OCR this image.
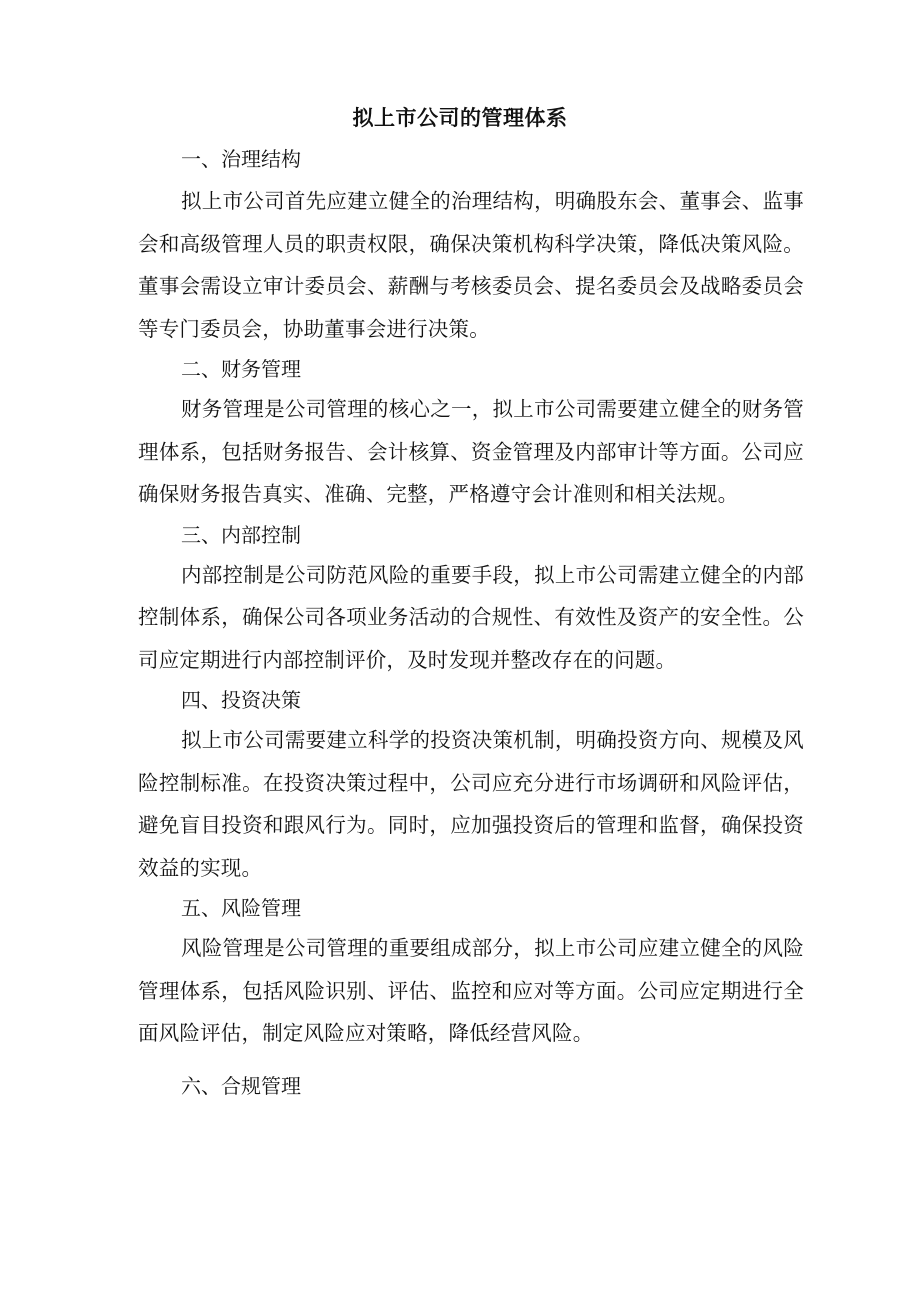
拟上市公司的管理体系

一、治理结构

拟上市公司首先应建立健全的治理结构，明确股东会、董事会、监事会和高级管理人员的职责权限，确保决策机构科学决策，降低决策风险。董事会需设立审计委员会、薪酬与考核委员会、提名委员会及战略委员会等专门委员会，协助董事会进行决策。

二、财务管理

财务管理是公司管理的核心之一，拟上市公司需要建立健全的财务管理体系，包括财务报告、会计核算、资金管理及内部审计等方面。公司应确保财务报告真实、准确、完整，严格遵守会计准则和相关法规。

三、内部控制

内部控制是公司防范风险的重要手段，拟上市公司需建立健全的内部控制体系，确保公司各项业务活动的合规性、有效性及资产的安全性。公司应定期进行内部控制评价，及时发现并整改存在的问题。

四、投资决策

拟上市公司需要建立科学的投资决策机制，明确投资方向、规模及风险控制标准。在投资决策过程中，公司应充分进行市场调研和风险评估，避免盲目投资和跟风行为。同时，应加强投资后的管理和监督，确保投资效益的实现。

五、风险管理

风险管理是公司管理的重要组成部分，拟上市公司应建立健全的风险管理体系，包括风险识别、评估、监控和应对等方面。公司应定期进行全面风险评估，制定风险应对策略，降低经营风险。

六、合规管理
